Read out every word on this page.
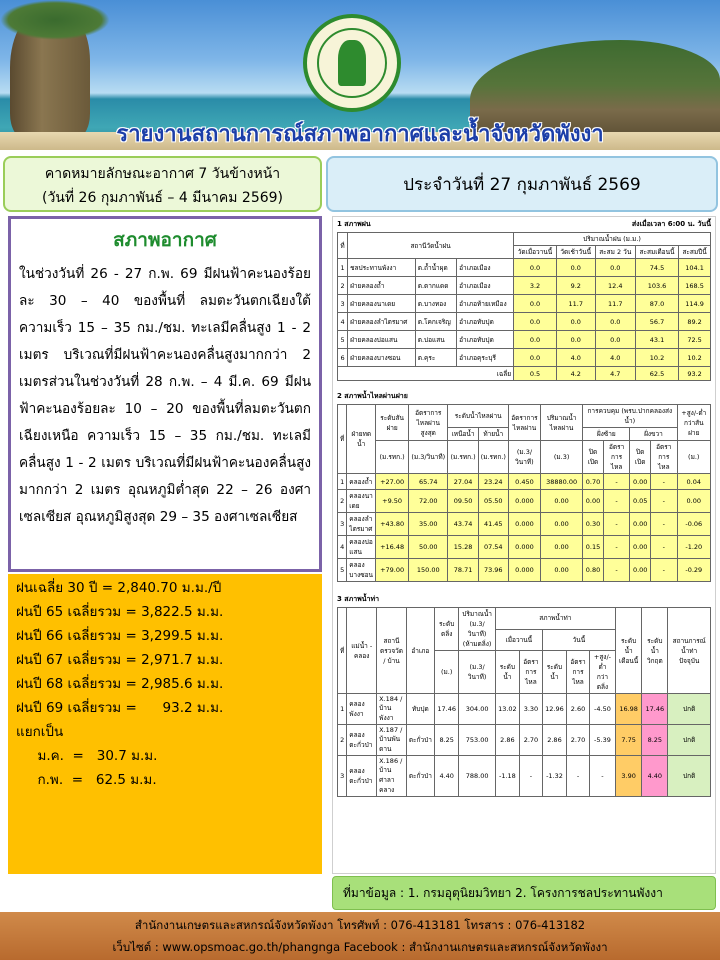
รายงานสถานการณ์สภาพอากาศและน้ำจังหวัดพังงา
คาดหมายลักษณะอากาศ 7 วันข้างหน้า
(วันที่ 26 กุมภาพันธ์ – 4 มีนาคม 2569)
ประจำวันที่ 27 กุมภาพันธ์ 2569
สภาพอากาศ
ในช่วงวันที่ 26 - 27 ก.พ. 69 มีฝนฟ้าคะนองร้อยละ 30 – 40 ของพื้นที่ ลมตะวันตกเฉียงใต้ ความเร็ว 15 – 35 กม./ชม. ทะเลมีคลื่นสูง 1 - 2 เมตร บริเวณที่มีฝนฟ้าคะนองคลื่นสูงมากกว่า 2 เมตรส่วนในช่วงวันที่ 28 ก.พ. – 4 มี.ค. 69 มีฝนฟ้าคะนองร้อยละ 10 – 20 ของพื้นที่ลมตะวันตกเฉียงเหนือ ความเร็ว 15 – 35 กม./ชม. ทะเลมีคลื่นสูง 1 - 2 เมตร บริเวณที่มีฝนฟ้าคะนองคลื่นสูงมากกว่า 2 เมตร อุณหภูมิต่ำสุด 22 – 26 องศาเซลเซียส อุณหภูมิสูงสุด 29 – 35 องศาเซลเซียส
ฝนเฉลี่ย 30 ปี = 2,840.70 ม.ม./ปี
ฝนปี 65 เฉลี่ยรวม = 3,822.5 ม.ม.
ฝนปี 66 เฉลี่ยรวม = 3,299.5 ม.ม.
ฝนปี 67 เฉลี่ยรวม = 2,971.7 ม.ม.
ฝนปี 68 เฉลี่ยรวม = 2,985.6 ม.ม.
ฝนปี 69 เฉลี่ยรวม =      93.2 ม.ม.
แยกเป็น
ม.ค.  =   30.7 ม.ม.
ก.พ.  =   62.5 ม.ม.
1 สภาพฝน	ส่งเมื่อเวลา 6:00 น. วันนี้
ที่	สถานีวัดน้ำฝน			ปริมาณน้ำฝน (ม.ม.)				
				วัดเมื่อวานนี้	วัดเช้าวันนี้	สะสม 2 วัน	สะสมเดือนนี้	สะสมปีนี้
1	ชลประทานพังงา	ต.ถ้ำน้ำผุด	อำเภอเมือง	0.0	0.0	0.0	74.5	104.1
2	ฝ่ายคลองถ้ำ	ต.ตากแดด	อำเภอเมือง	3.2	9.2	12.4	103.6	168.5
3	ฝ่ายคลองนาเดย	ต.บางทอง	อำเภอท้ายเหมือง	0.0	11.7	11.7	87.0	114.9
4	ฝ่ายคลองลำไตรมาศ	ต.โคกเจริญ	อำเภอทับปุด	0.0	0.0	0.0	56.7	89.2
5	ฝ่ายคลองบ่อแสน	ต.บ่อแสน	อำเภอทับปุด	0.0	0.0	0.0	43.1	72.5
6	ฝ่ายคลองบางซอน	ต.คุระ	อำเภอคุระบุรี	0.0	4.0	4.0	10.2	10.2
เฉลี่ย				0.5	4.2	4.7	62.5	93.2
2 สภาพน้ำไหลผ่านฝาย
ที่	ฝ่ายทดน้ำ	ระดับสันฝาย	อัตราการไหลผ่านสูงสุด	ระดับน้ำไหลผ่าน		อัตราการไหลผ่าน	ปริมาณน้ำไหลผ่าน	การควบคุม (พรบ.ปากคลองส่งน้ำ)				+สูง/-ต่ำ กว่าสันฝาย
				เหนือน้ำ	ท้ายน้ำ			ฝั่งซ้าย		ฝั่งขวา		
		(ม.รทก.)	(ม.3/วินาที)	(ม.รทก.)	(ม.รทก.)	(ม.3/วินาที)	(ม.3)	ปิดเปิด	อัตราการไหล	ปิดเปิด	อัตราการไหล	(ม.)
1	คลองถ้ำ	+27.00	65.74	27.04	23.24	0.450	38880.00	0.70	-	0.00	-	0.04
2	คลองนาเดย	+9.50	72.00	09.50	05.50	0.000	0.00	0.00	-	0.05	-	0.00
3	คลองลำไตรมาศ	+43.80	35.00	43.74	41.45	0.000	0.00	0.30	-	0.00	-	-0.06
4	คลองบ่อแสน	+16.48	50.00	15.28	07.54	0.000	0.00	0.15	-	0.00	-	-1.20
5	คลองบางซอน	+79.00	150.00	78.71	73.96	0.000	0.00	0.80	-	0.00	-	-0.29
3 สภาพน้ำท่า
ที่	แม่น้ำ - คลอง	สถานีตรวจวัด / บ้าน	อำเภอ	ระดับตลิ่ง	ปริมาณน้ำ (ม.3/วินาที) (ห้ามตลิ่ง)	สภาพน้ำท่า					ระดับน้ำเดือนนี้	ระดับน้ำวิกฤต	สถานการณ์น้ำท่า ปัจจุบัน
						เมื่อวานนี้		วันนี้					
				(ม.)	(ม.3/วินาที)	ระดับน้ำ	อัตราการไหล	ระดับน้ำ	อัตราการไหล	+สูง/-ต่ำ กว่าตลิ่ง			
1	คลองพังงา	X.184 / บ้านพังงา	ทับปุด	17.46	304.00	13.02	3.30	12.96	2.60	-4.50	16.98	17.46	ปกติ
2	คลองตะกั่วป่า	X.187 / บ้านพันดาน	ตะกั่วป่า	8.25	753.00	2.86	2.70	2.86	2.70	-5.39	7.75	8.25	ปกติ
3	คลองตะกั่วป่า	X.186 / บ้านศาลาคลาง	ตะกั่วป่า	4.40	788.00	-1.18	-	-1.32	-	-	3.90	4.40	ปกติ
ที่มาข้อมูล : 1. กรมอุตุนิยมวิทยา 2. โครงการชลประทานพังงา
สำนักงานเกษตรและสหกรณ์จังหวัดพังงา โทรศัพท์ : 076-413181 โทรสาร : 076-413182
เว็บไซต์ : www.opsmoac.go.th/phangnga Facebook : สำนักงานเกษตรและสหกรณ์จังหวัดพังงา
